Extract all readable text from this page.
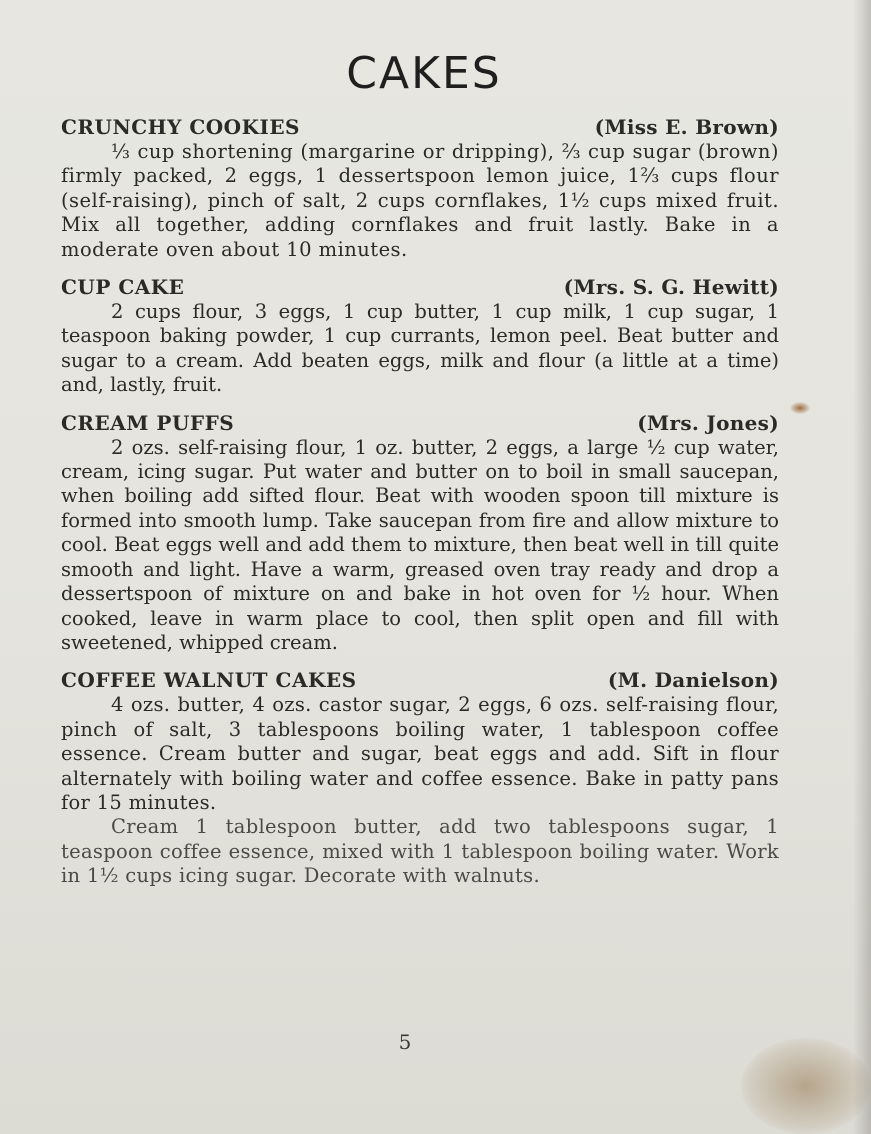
CAKES
CRUNCHY COOKIES	(Miss E. Brown)

⅓ cup shortening (margarine or dripping), ⅔ cup sugar (brown) firmly packed, 2 eggs, 1 dessertspoon lemon juice, 1⅔ cups flour (self-raising), pinch of salt, 2 cups cornflakes, 1½ cups mixed fruit. Mix all together, adding cornflakes and fruit lastly. Bake in a moderate oven about 10 minutes.

CUP CAKE	(Mrs. S. G. Hewitt)

2 cups flour, 3 eggs, 1 cup butter, 1 cup milk, 1 cup sugar, 1 teaspoon baking powder, 1 cup currants, lemon peel. Beat butter and sugar to a cream. Add beaten eggs, milk and flour (a little at a time) and, lastly, fruit.

CREAM PUFFS	(Mrs. Jones)

2 ozs. self-raising flour, 1 oz. butter, 2 eggs, a large ½ cup water, cream, icing sugar. Put water and butter on to boil in small saucepan, when boiling add sifted flour. Beat with wooden spoon till mixture is formed into smooth lump. Take saucepan from fire and allow mixture to cool. Beat eggs well and add them to mixture, then beat well in till quite smooth and light. Have a warm, greased oven tray ready and drop a dessertspoon of mixture on and bake in hot oven for ½ hour. When cooked, leave in warm place to cool, then split open and fill with sweetened, whipped cream.

COFFEE WALNUT CAKES	(M. Danielson)

4 ozs. butter, 4 ozs. castor sugar, 2 eggs, 6 ozs. self-raising flour, pinch of salt, 3 tablespoons boiling water, 1 tablespoon coffee essence. Cream butter and sugar, beat eggs and add. Sift in flour alternately with boiling water and coffee essence. Bake in patty pans for 15 minutes.

Cream 1 tablespoon butter, add two tablespoons sugar, 1 teaspoon coffee essence, mixed with 1 tablespoon boiling water. Work in 1½ cups icing sugar. Decorate with walnuts.

5
